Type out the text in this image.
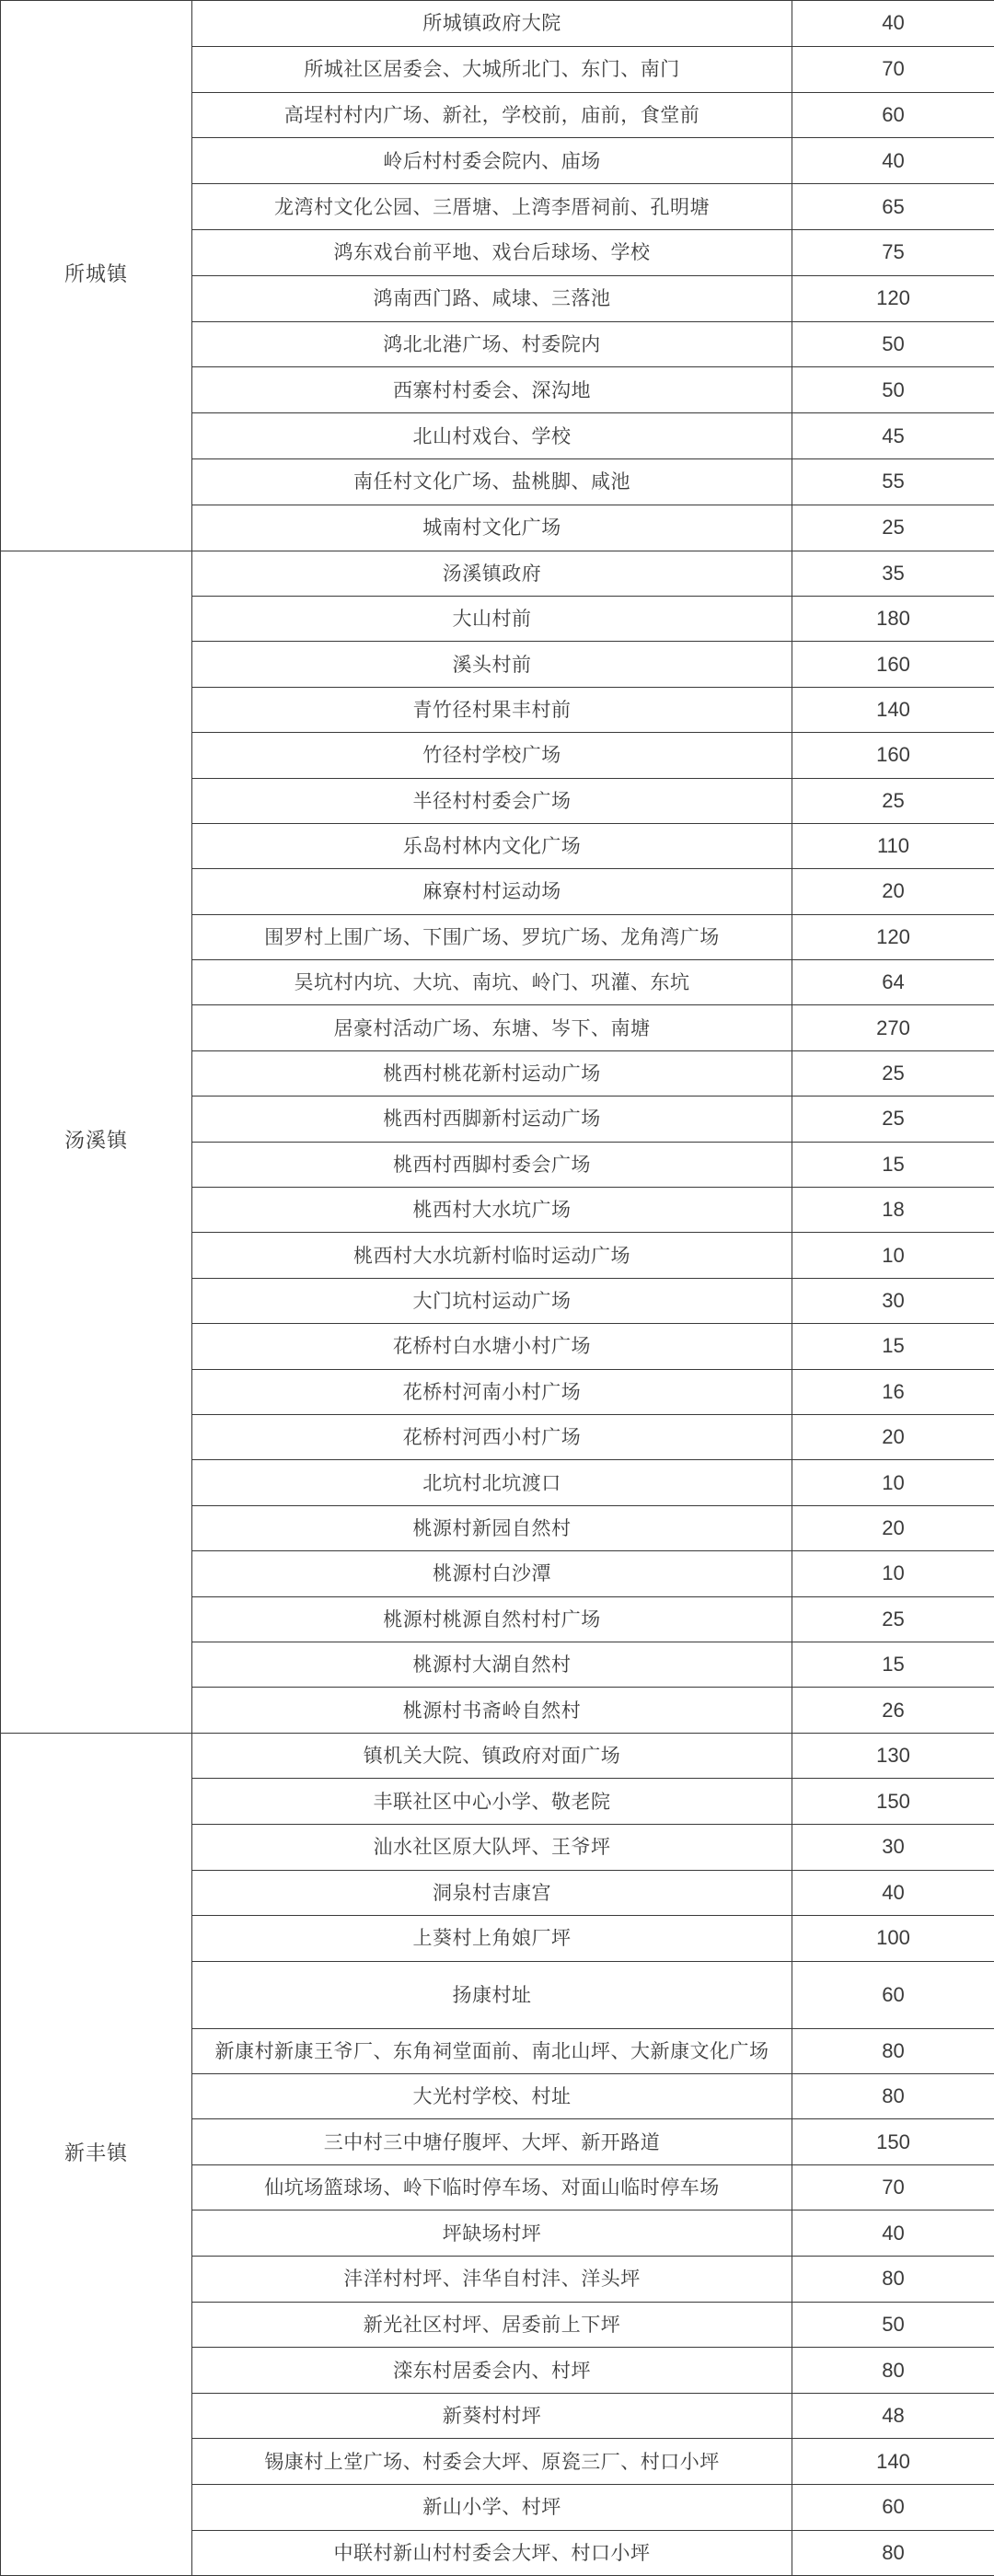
所城镇	所城镇政府大院	40
	所城社区居委会、大城所北门、东门、南门	70
	高埕村村内广场、新社，学校前，庙前，食堂前	60
	岭后村村委会院内、庙场	40
	龙湾村文化公园、三厝塘、上湾李厝祠前、孔明塘	65
	鸿东戏台前平地、戏台后球场、学校	75
	鸿南西门路、咸埭、三落池	120
	鸿北北港广场、村委院内	50
	西寨村村委会、深沟地	50
	北山村戏台、学校	45
	南任村文化广场、盐桃脚、咸池	55
	城南村文化广场	25
汤溪镇	汤溪镇政府	35
	大山村前	180
	溪头村前	160
	青竹径村果丰村前	140
	竹径村学校广场	160
	半径村村委会广场	25
	乐岛村林内文化广场	110
	麻寮村村运动场	20
	围罗村上围广场、下围广场、罗坑广场、龙角湾广场	120
	吴坑村内坑、大坑、南坑、岭门、巩灌、东坑	64
	居豪村活动广场、东塘、岑下、南塘	270
	桃西村桃花新村运动广场	25
	桃西村西脚新村运动广场	25
	桃西村西脚村委会广场	15
	桃西村大水坑广场	18
	桃西村大水坑新村临时运动广场	10
	大门坑村运动广场	30
	花桥村白水塘小村广场	15
	花桥村河南小村广场	16
	花桥村河西小村广场	20
	北坑村北坑渡口	10
	桃源村新园自然村	20
	桃源村白沙潭	10
	桃源村桃源自然村村广场	25
	桃源村大湖自然村	15
	桃源村书斋岭自然村	26
新丰镇	镇机关大院、镇政府对面广场	130
	丰联社区中心小学、敬老院	150
	汕水社区原大队坪、王爷坪	30
	洞泉村吉康宫	40
	上葵村上角娘厂坪	100
	扬康村址	60
	新康村新康王爷厂、东角祠堂面前、南北山坪、大新康文化广场	80
	大光村学校、村址	80
	三中村三中塘仔腹坪、大坪、新开路道	150
	仙坑场篮球场、岭下临时停车场、对面山临时停车场	70
	坪缺场村坪	40
	沣洋村村坪、沣华自村沣、洋头坪	80
	新光社区村坪、居委前上下坪	50
	滦东村居委会内、村坪	80
	新葵村村坪	48
	锡康村上堂广场、村委会大坪、原瓷三厂、村口小坪	140
	新山小学、村坪	60
	中联村新山村村委会大坪、村口小坪	80
